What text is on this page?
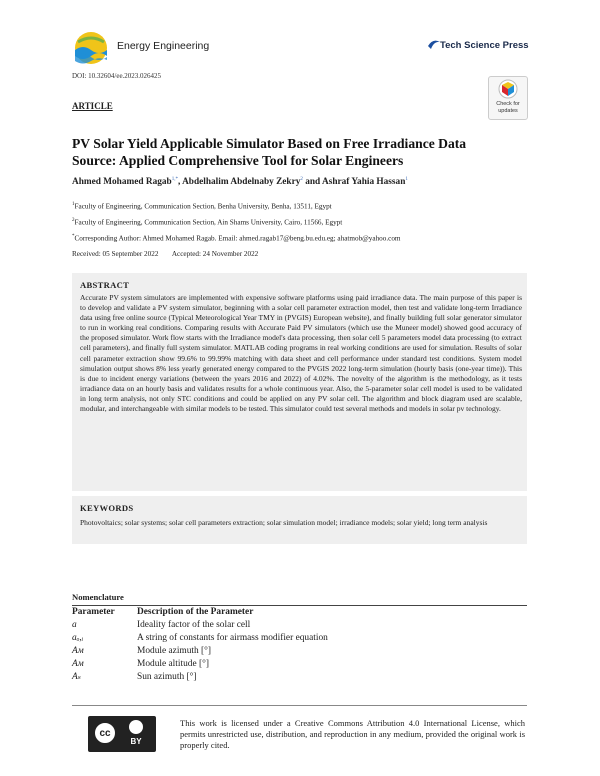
Energy Engineering	Tech Science Press
DOI: 10.32604/ee.2023.026425
Check for updates
ARTICLE
PV Solar Yield Applicable Simulator Based on Free Irradiance Data Source: Applied Comprehensive Tool for Solar Engineers
Ahmed Mohamed Ragab$^{1,*}$, Abdelhalim Abdelnaby Zekry$^2$ and Ashraf Yahia Hassan$^1$
$^1$Faculty of Engineering, Communication Section, Benha University, Benha, 13511, Egypt
$^2$Faculty of Engineering, Communication Section, Ain Shams University, Cairo, 11566, Egypt
*Corresponding Author: Ahmed Mohamed Ragab. Email: ahmed.ragab17@beng.bu.edu.eg; ahatmob@yahoo.com
Received: 05 September 2022 Accepted: 24 November 2022
ABSTRACT
Accurate PV system simulators are implemented with expensive software platforms using paid irradiance data. The main purpose of this paper is to develop and validate a PV system simulator, beginning with a solar cell parameter extraction model, then test and validate long-term Irradiance data using free online source (Typical Meteorological Year TMY in (PVGIS) European website), and finally building full solar generator simulator to run in working real conditions. Comparing results with Accurate Paid PV simulators (which use the Muneer model) showed good accuracy of the proposed simulator. Work flow starts with the Irradiance model's data processing, then solar cell 5 parameters model data processing (to extract cell parameters), and finally full system simulator. MATLAB coding programs in real working conditions are used for simulation. Results of solar cell parameter extraction show 99.6% to 99.99% matching with data sheet and cell performance under standard test conditions. System model simulation output shows 8% less yearly generated energy compared to the PVGIS 2022 long-term simulation (hourly basis (one-year time)). This is due to incident energy variations (between the years 2016 and 2022) of 4.02%. The novelty of the algorithm is the methodology, as it tests irradiance data on an hourly basis and validates results for a whole continuous year. Also, the 5-parameter solar cell model is used to be validated in long term analysis, not only STC conditions and could be applied on any PV solar cell. The algorithm and block diagram used are scalable, modular, and interchangeable with similar models to be tested. This simulator could test several methods and models in solar pv technology.
KEYWORDS
Photovoltaics; solar systems; solar cell parameters extraction; solar simulation model; irradiance models; solar yield; long term analysis
Nomenclature
Parameter	Description of the Parameter
a	Ideality factor of the solar cell
aₒ,ᵢ	A string of constants for airmass modifier equation
Aᴍ	Module azimuth [°]
Aᴍ	Module altitude [°]
Aₛ	Sun azimuth [°]
cc
BY
This work is licensed under a Creative Commons Attribution 4.0 International License, which permits unrestricted use, distribution, and reproduction in any medium, provided the original work is properly cited.
